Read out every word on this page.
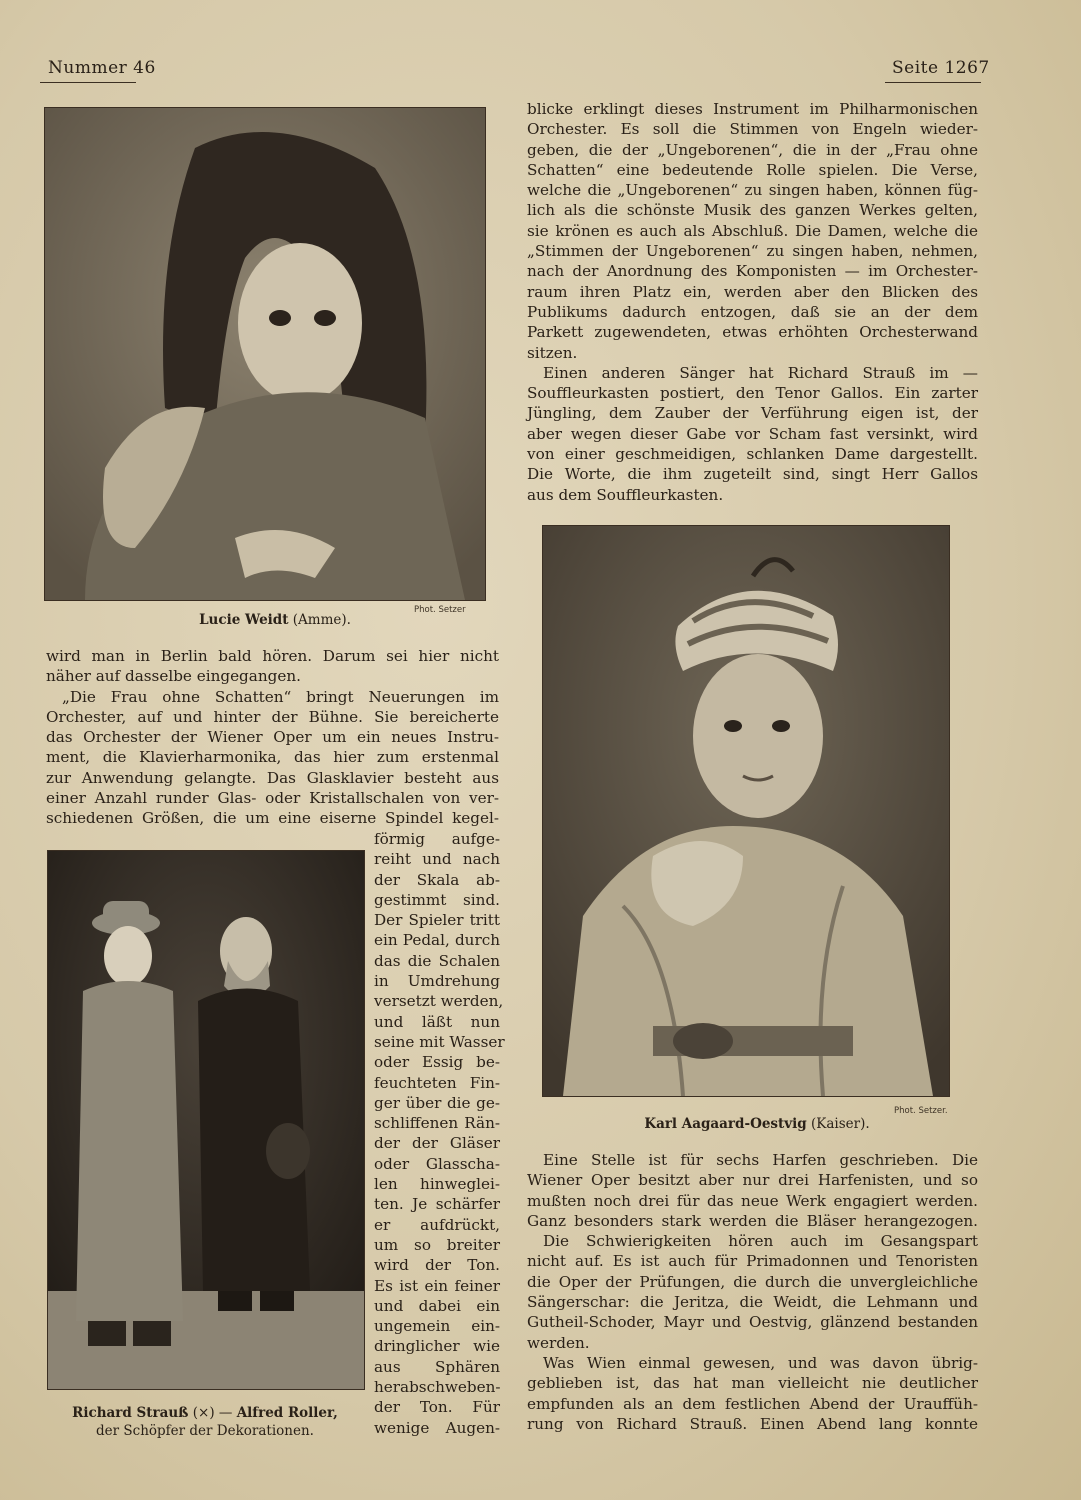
Nummer 46	Seite 1267
Lucie Weidt (Amme).
Phot. Setzer
wird man in Berlin bald hören. Darum sei hier nicht
näher auf dasselbe eingegangen.
„Die Frau ohne Schatten“ bringt Neuerungen im
Orchester, auf und hinter der Bühne. Sie bereicherte
das Orchester der Wiener Oper um ein neues Instru-
ment, die Klavierharmonika, das hier zum erstenmal
zur Anwendung gelangte. Das Glasklavier besteht aus
einer Anzahl runder Glas- oder Kristallschalen von ver-
schiedenen Größen, die um eine eiserne Spindel kegel-
Richard Strauß (×) — Alfred Roller,
der Schöpfer der Dekorationen.
förmig aufge-
reiht und nach
der Skala ab-
gestimmt sind.
Der Spieler tritt
ein Pedal, durch
das die Schalen
in Umdrehung
versetzt werden,
und läßt nun
seine mit Wasser
oder Essig be-
feuchteten Fin-
ger über die ge-
schliffenen Rän-
der der Gläser
oder Glasscha-
len hinweglei-
ten. Je schärfer
er aufdrückt,
um so breiter
wird der Ton.
Es ist ein feiner
und dabei ein
ungemein ein-
dringlicher wie
aus Sphären
herabschweben-
der Ton. Für
wenige Augen-
blicke erklingt dieses Instrument im Philharmonischen
Orchester. Es soll die Stimmen von Engeln wieder-
geben, die der „Ungeborenen“, die in der „Frau ohne
Schatten“ eine bedeutende Rolle spielen. Die Verse,
welche die „Ungeborenen“ zu singen haben, können füg-
lich als die schönste Musik des ganzen Werkes gelten,
sie krönen es auch als Abschluß. Die Damen, welche die
„Stimmen der Ungeborenen“ zu singen haben, nehmen,
nach der Anordnung des Komponisten — im Orchester-
raum ihren Platz ein, werden aber den Blicken des
Publikums dadurch entzogen, daß sie an der dem
Parkett zugewendeten, etwas erhöhten Orchesterwand
sitzen.
Einen anderen Sänger hat Richard Strauß im —
Souffleurkasten postiert, den Tenor Gallos. Ein zarter
Jüngling, dem Zauber der Verführung eigen ist, der
aber wegen dieser Gabe vor Scham fast versinkt, wird
von einer geschmeidigen, schlanken Dame dargestellt.
Die Worte, die ihm zugeteilt sind, singt Herr Gallos
aus dem Souffleurkasten.
Karl Aagaard-Oestvig (Kaiser).
Phot. Setzer.
Eine Stelle ist für sechs Harfen geschrieben. Die
Wiener Oper besitzt aber nur drei Harfenisten, und so
mußten noch drei für das neue Werk engagiert werden.
Ganz besonders stark werden die Bläser herangezogen.
Die Schwierigkeiten hören auch im Gesangspart
nicht auf. Es ist auch für Primadonnen und Tenoristen
die Oper der Prüfungen, die durch die unvergleichliche
Sängerschar: die Jeritza, die Weidt, die Lehmann und
Gutheil-Schoder, Mayr und Oestvig, glänzend bestanden
werden.
Was Wien einmal gewesen, und was davon übrig-
geblieben ist, das hat man vielleicht nie deutlicher
empfunden als an dem festlichen Abend der Urauffüh-
rung von Richard Strauß. Einen Abend lang konnte
